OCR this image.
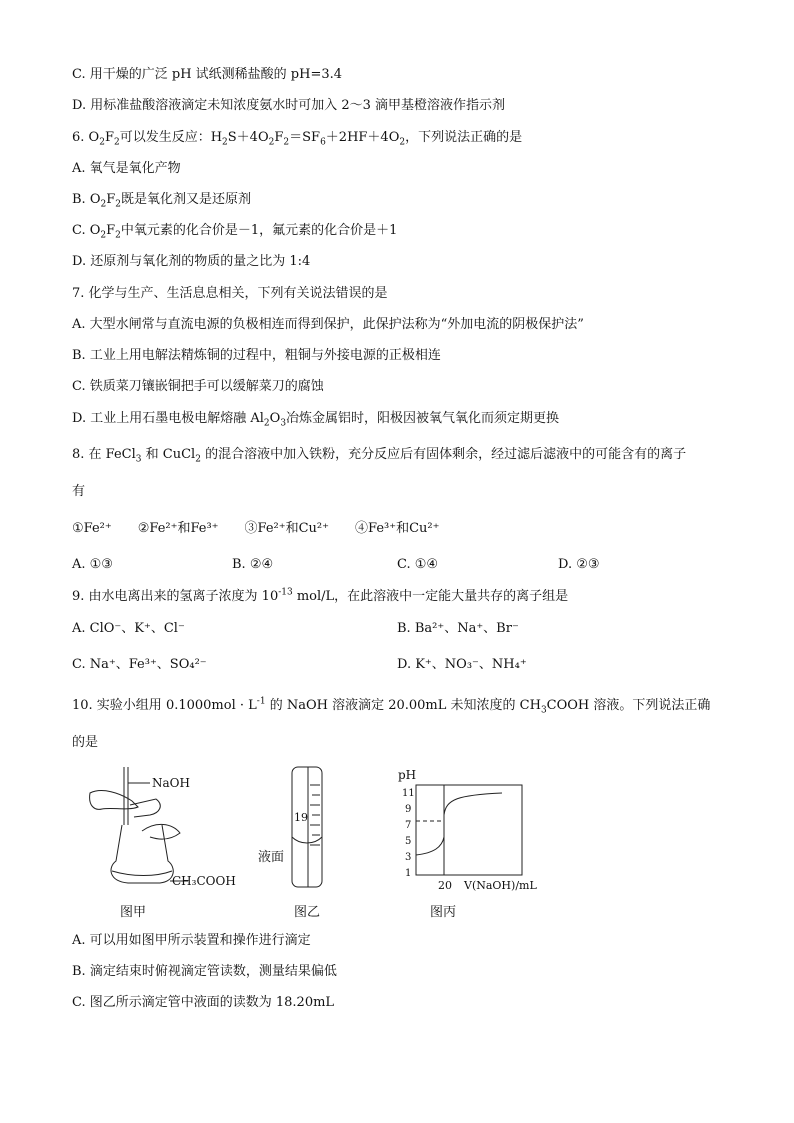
C. 用干燥的广泛 pH 试纸测稀盐酸的 pH=3.4
D. 用标准盐酸溶液滴定未知浓度氨水时可加入 2～3 滴甲基橙溶液作指示剂
6. $O_2F_2$可以发生反应：$H_2S+4O_2F_2=SF_6+2HF+4O_2$，下列说法正确的是
A. 氧气是氧化产物
B. $O_2F_2$既是氧化剂又是还原剂
C. $O_2F_2$中氧元素的化合价是－1，氟元素的化合价是＋1
D. 还原剂与氧化剂的物质的量之比为 1:4
7. 化学与生产、生活息息相关，下列有关说法错误的是
A. 大型水闸常与直流电源的负极相连而得到保护，此保护法称为“外加电流的阴极保护法”
B. 工业上用电解法精炼铜的过程中，粗铜与外接电源的正极相连
C. 铁质菜刀镶嵌铜把手可以缓解菜刀的腐蚀
D. 工业上用石墨电极电解熔融 $Al_2O_3$冶炼金属铝时，阳极因被氧气氧化而须定期更换
8. 在 FeCl$_3$ 和 CuCl$_2$ 的混合溶液中加入铁粉，充分反应后有固体剩余，经过滤后滤液中的可能含有的离子
有
①Fe²⁺　　②Fe²⁺和Fe³⁺　　③Fe²⁺和Cu²⁺　　④Fe³⁺和Cu²⁺
A. ①③	B. ②④	C. ①④	D. ②③
9. 由水电离出来的氢离子浓度为 $10^{-13}$ mol/L，在此溶液中一定能大量共存的离子组是
A. ClO⁻、K⁺、Cl⁻	B. Ba²⁺、Na⁺、Br⁻
C. Na⁺、Fe³⁺、SO₄²⁻	D. K⁺、NO₃⁻、NH₄⁺
10. 实验小组用 $0.1000mol \cdot L^{-1}$ 的 NaOH 溶液滴定 20.00mL 未知浓度的 $CH_3COOH$ 溶液。下列说法正确
的是
NaOH
CH₃COOH
19
液面
pH
11
9
7
5
3
1
20 V(NaOH)/mL
图甲	图乙	图丙
A. 可以用如图甲所示装置和操作进行滴定
B. 滴定结束时俯视滴定管读数，测量结果偏低
C. 图乙所示滴定管中液面的读数为 18.20mL
